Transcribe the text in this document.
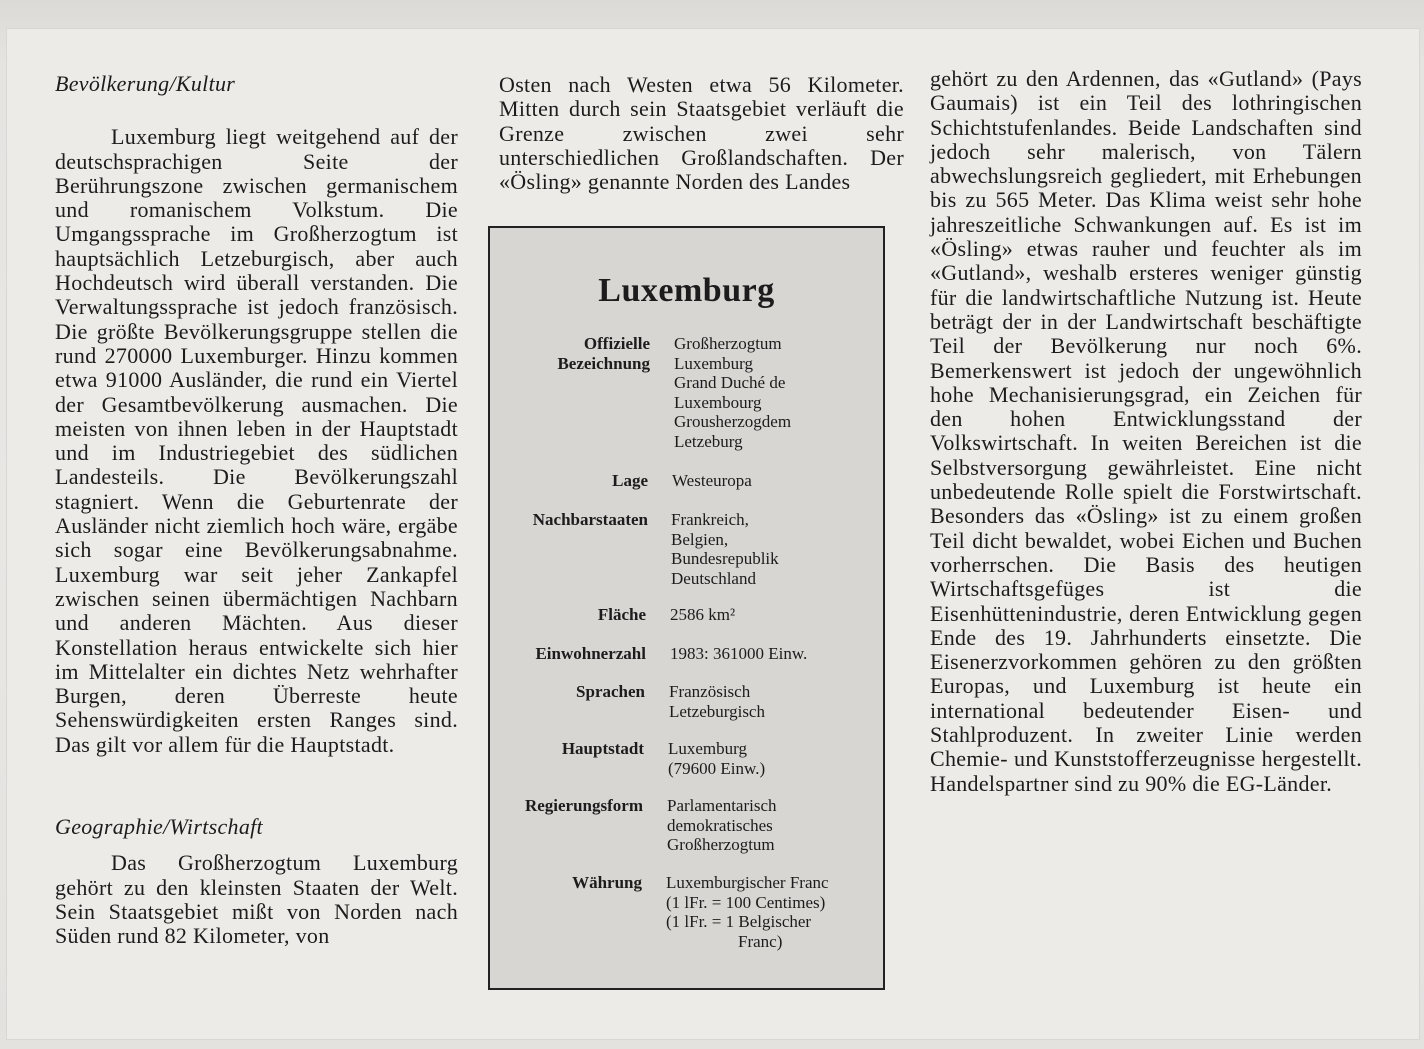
Bevölkerung/Kultur

Luxemburg liegt weitgehend auf der deutschsprachigen Seite der Berührungszone zwischen germanischem und romanischem Volkstum. Die Umgangssprache im Großherzogtum ist hauptsächlich Letzeburgisch, aber auch Hochdeutsch wird überall verstanden. Die Verwaltungssprache ist jedoch französisch. Die größte Bevölkerungsgruppe stellen die rund 270000 Luxemburger. Hinzu kommen etwa 91000 Ausländer, die rund ein Viertel der Gesamtbevölkerung ausmachen. Die meisten von ihnen leben in der Hauptstadt und im Industriegebiet des südlichen Landesteils. Die Bevölkerungszahl stagniert. Wenn die Geburtenrate der Ausländer nicht ziemlich hoch wäre, ergäbe sich sogar eine Bevölkerungsabnahme. Luxemburg war seit jeher Zankapfel zwischen seinen übermächtigen Nachbarn und anderen Mächten. Aus dieser Konstellation heraus entwickelte sich hier im Mittelalter ein dichtes Netz wehrhafter Burgen, deren Überreste heute Sehenswürdigkeiten ersten Ranges sind. Das gilt vor allem für die Hauptstadt.

Geographie/Wirtschaft

Das Großherzogtum Luxemburg gehört zu den kleinsten Staaten der Welt. Sein Staatsgebiet mißt von Norden nach Süden rund 82 Kilometer, von

Osten nach Westen etwa 56 Kilometer. Mitten durch sein Staatsgebiet verläuft die Grenze zwischen zwei sehr unterschiedlichen Großlandschaften. Der «Ösling» genannte Norden des Landes

gehört zu den Ardennen, das «Gutland» (Pays Gaumais) ist ein Teil des lothringischen Schichtstufenlandes. Beide Landschaften sind jedoch sehr malerisch, von Tälern abwechslungsreich gegliedert, mit Erhebungen bis zu 565 Meter. Das Klima weist sehr hohe jahreszeitliche Schwankungen auf. Es ist im «Ösling» etwas rauher und feuchter als im «Gutland», weshalb ersteres weniger günstig für die landwirtschaftliche Nutzung ist. Heute beträgt der in der Landwirtschaft beschäftigte Teil der Bevölkerung nur noch 6%. Bemerkenswert ist jedoch der ungewöhnlich hohe Mechanisierungsgrad, ein Zeichen für den hohen Entwicklungsstand der Volkswirtschaft. In weiten Bereichen ist die Selbstversorgung gewährleistet. Eine nicht unbedeutende Rolle spielt die Forstwirtschaft. Besonders das «Ösling» ist zu einem großen Teil dicht bewaldet, wobei Eichen und Buchen vorherrschen. Die Basis des heutigen Wirtschaftsgefüges ist die Eisenhüttenindustrie, deren Entwicklung gegen Ende des 19. Jahrhunderts einsetzte. Die Eisenerzvorkommen gehören zu den größten Europas, und Luxemburg ist heute ein international bedeutender Eisen- und Stahlproduzent. In zweiter Linie werden Chemie- und Kunststofferzeugnisse hergestellt. Handelspartner sind zu 90% die EG-Länder.

Luxemburg
Offizielle
Bezeichnung
Großherzogtum
Luxemburg
Grand Duché de
Luxembourg
Grousherzogdem
Letzeburg
Lage Westeuropa
Nachbarstaaten Frankreich,
Belgien,
Bundesrepublik
Deutschland
Fläche 2586 km²
Einwohnerzahl 1983: 361000 Einw.
Sprachen Französisch
Letzeburgisch
Hauptstadt Luxemburg
(79600 Einw.)
Regierungsform Parlamentarisch
demokratisches
Großherzogtum
Währung Luxemburgischer Franc
(1 lFr. = 100 Centimes)
(1 lFr. = 1 Belgischer
Franc)
